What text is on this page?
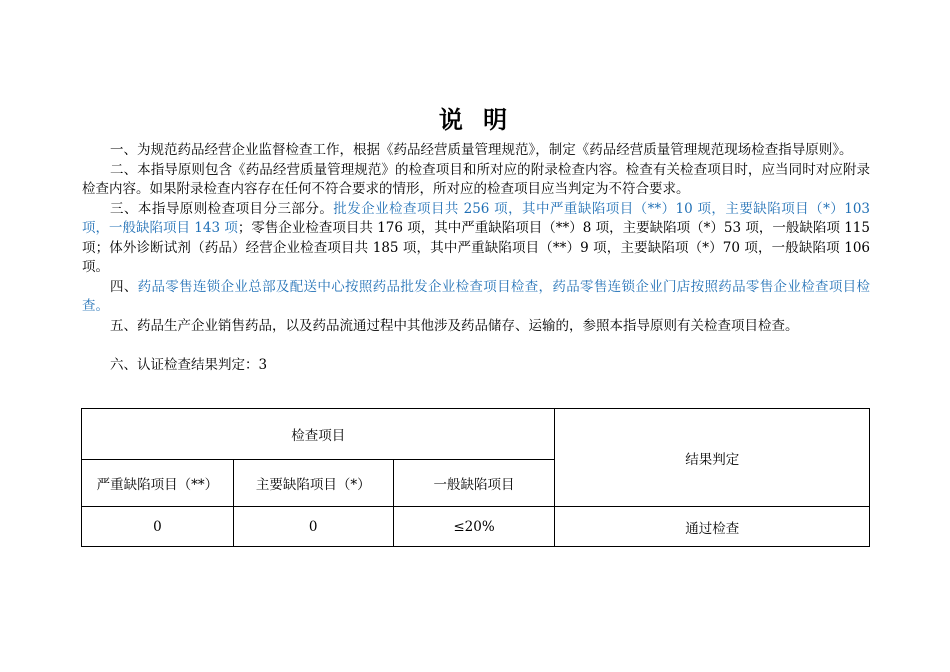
说 明

一、为规范药品经营企业监督检查工作，根据《药品经营质量管理规范》，制定《药品经营质量管理规范现场检查指导原则》。

二、本指导原则包含《药品经营质量管理规范》的检查项目和所对应的附录检查内容。检查有关检查项目时，应当同时对应附录检查内容。如果附录检查内容存在任何不符合要求的情形，所对应的检查项目应当判定为不符合要求。

三、本指导原则检查项目分三部分。批发企业检查项目共 256 项，其中严重缺陷项目（**）10 项，主要缺陷项目（*）103 项，一般缺陷项目 143 项；零售企业检查项目共 176 项，其中严重缺陷项目（**）8 项，主要缺陷项（*）53 项，一般缺陷项 115 项；体外诊断试剂（药品）经营企业检查项目共 185 项，其中严重缺陷项目（**）9 项，主要缺陷项（*）70 项，一般缺陷项 106 项。

四、药品零售连锁企业总部及配送中心按照药品批发企业检查项目检查，药品零售连锁企业门店按照药品零售企业检查项目检查。

五、药品生产企业销售药品，以及药品流通过程中其他涉及药品储存、运输的，参照本指导原则有关检查项目检查。

六、认证检查结果判定：3

检查项目			结果判定
严重缺陷项目（**）	主要缺陷项目（*）	一般缺陷项目	
0	0	≤20%	通过检查
